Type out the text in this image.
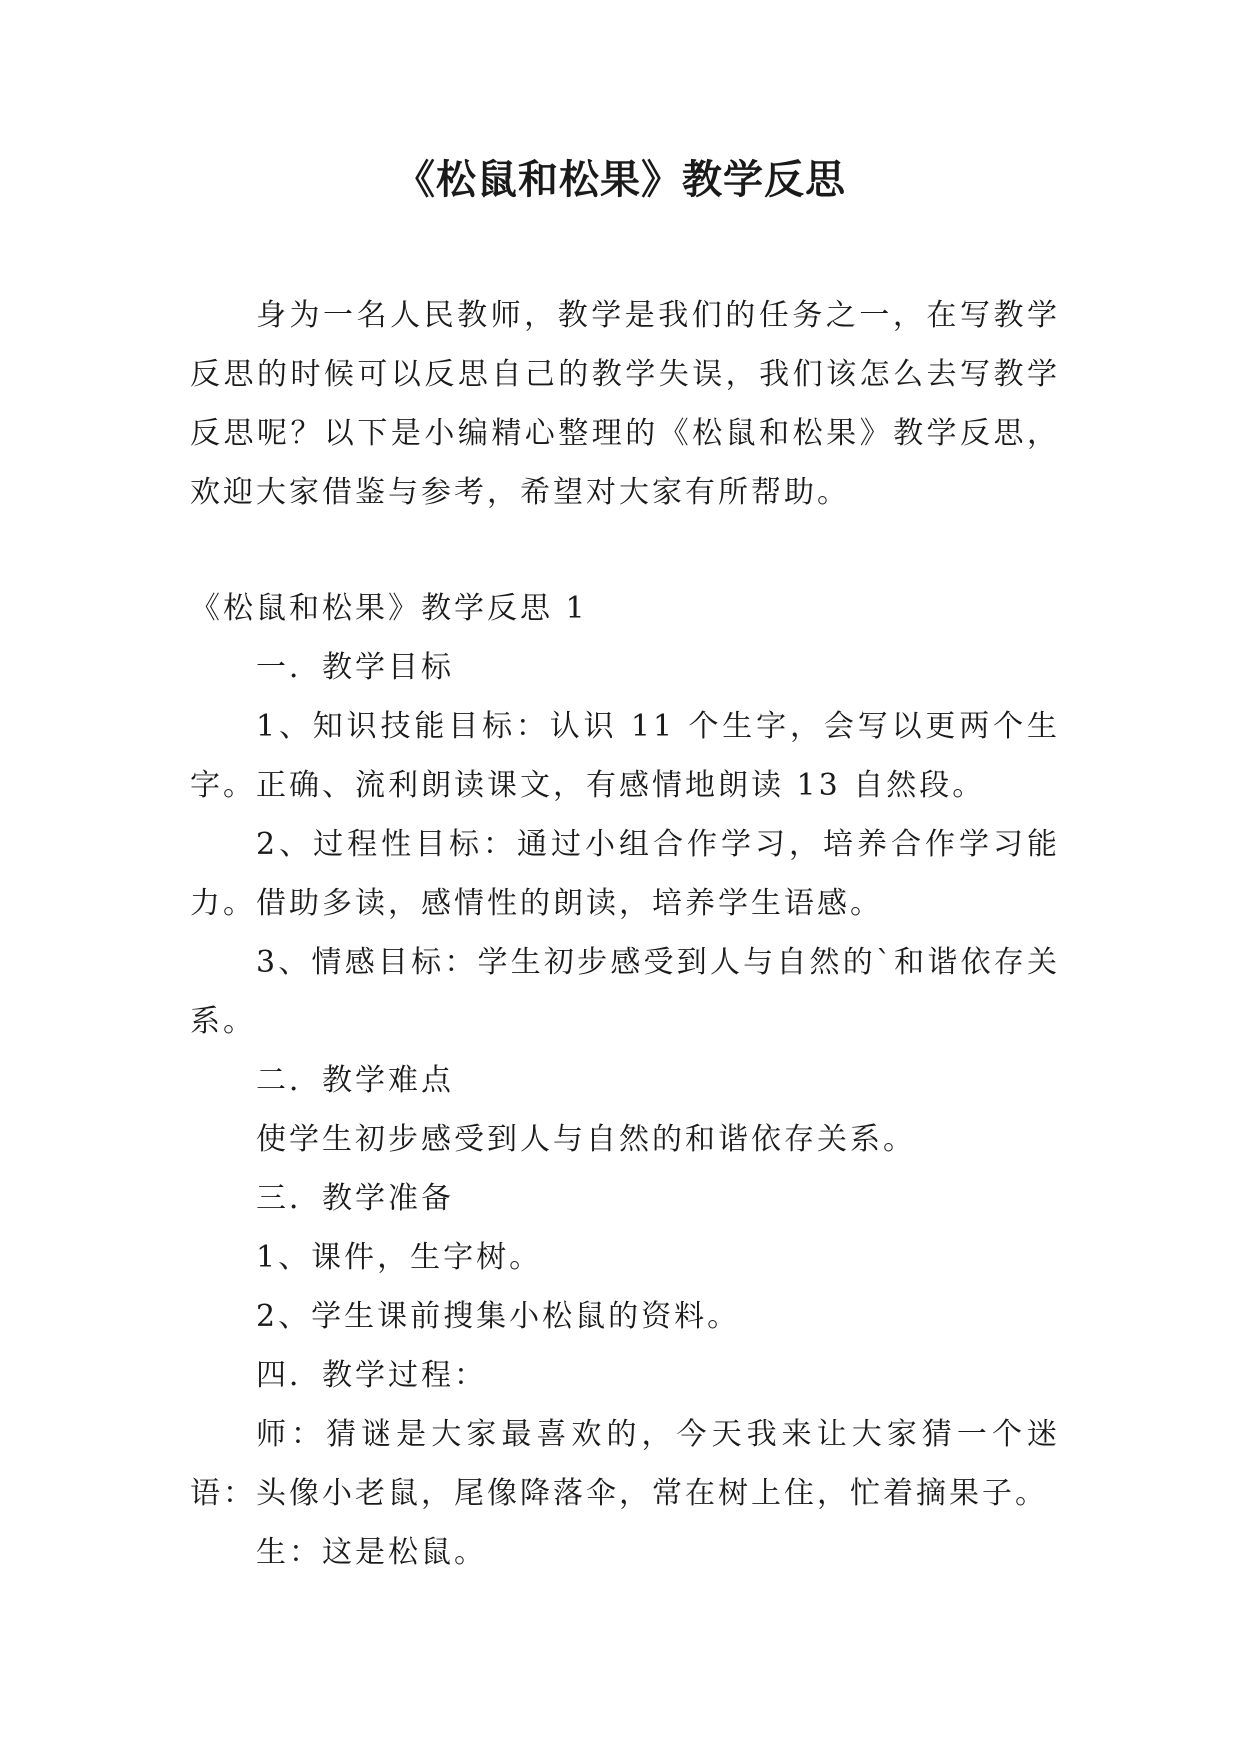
《松鼠和松果》教学反思

身为一名人民教师，教学是我们的任务之一，在写教学反思的时候可以反思自己的教学失误，我们该怎么去写教学反思呢？以下是小编精心整理的《松鼠和松果》教学反思，欢迎大家借鉴与参考，希望对大家有所帮助。

《松鼠和松果》教学反思 1

一．教学目标

1、知识技能目标：认识 11 个生字，会写以更两个生字。正确、流利朗读课文，有感情地朗读 13 自然段。

2、过程性目标：通过小组合作学习，培养合作学习能力。借助多读，感情性的朗读，培养学生语感。

3、情感目标：学生初步感受到人与自然的`和谐依存关系。

二．教学难点

使学生初步感受到人与自然的和谐依存关系。

三．教学准备

1、课件，生字树。

2、学生课前搜集小松鼠的资料。

四．教学过程：

师：猜谜是大家最喜欢的，今天我来让大家猜一个迷语：头像小老鼠，尾像降落伞，常在树上住，忙着摘果子。

生：这是松鼠。
